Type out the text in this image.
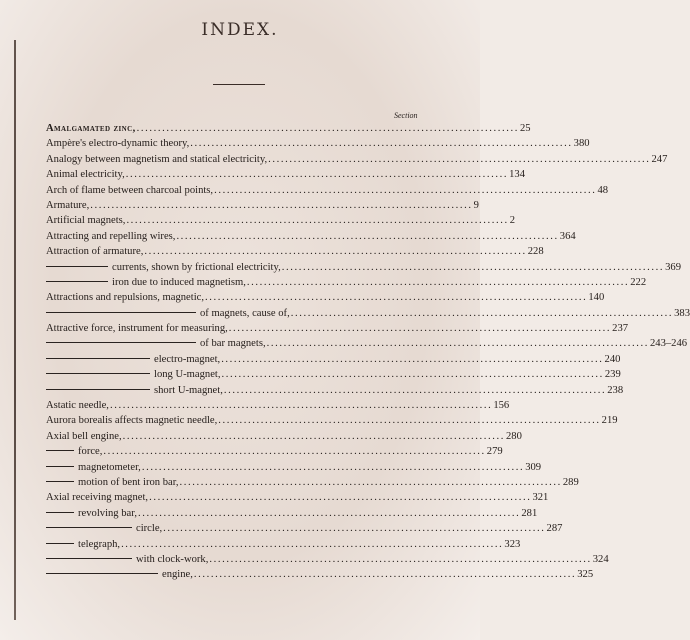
INDEX.
Section
Amalgamated zinc, .......................................................................................... 25
Ampère's electro-dynamic theory, .......................................................................................... 380
Analogy between magnetism and statical electricity, .......................................................................................... 247
Animal electricity, .......................................................................................... 134
Arch of flame between charcoal points, .......................................................................................... 48
Armature, .......................................................................................... 9
Artificial magnets, .......................................................................................... 2
Attracting and repelling wires, .......................................................................................... 364
Attraction of armature, .......................................................................................... 228
currents, shown by frictional electricity, .......................................................................................... 369
iron due to induced magnetism, .......................................................................................... 222
Attractions and repulsions, magnetic, .......................................................................................... 140
of magnets, cause of, .......................................................................................... 383
Attractive force, instrument for measuring, .......................................................................................... 237
of bar magnets, .......................................................................................... 243–246
electro-magnet, .......................................................................................... 240
long U-magnet, .......................................................................................... 239
short U-magnet, .......................................................................................... 238
Astatic needle, .......................................................................................... 156
Aurora borealis affects magnetic needle, .......................................................................................... 219
Axial bell engine, .......................................................................................... 280
force, .......................................................................................... 279
magnetometer, .......................................................................................... 309
motion of bent iron bar, .......................................................................................... 289
Axial receiving magnet, .......................................................................................... 321
revolving bar, .......................................................................................... 281
circle, .......................................................................................... 287
telegraph, .......................................................................................... 323
with clock-work, .......................................................................................... 324
engine, .......................................................................................... 325
